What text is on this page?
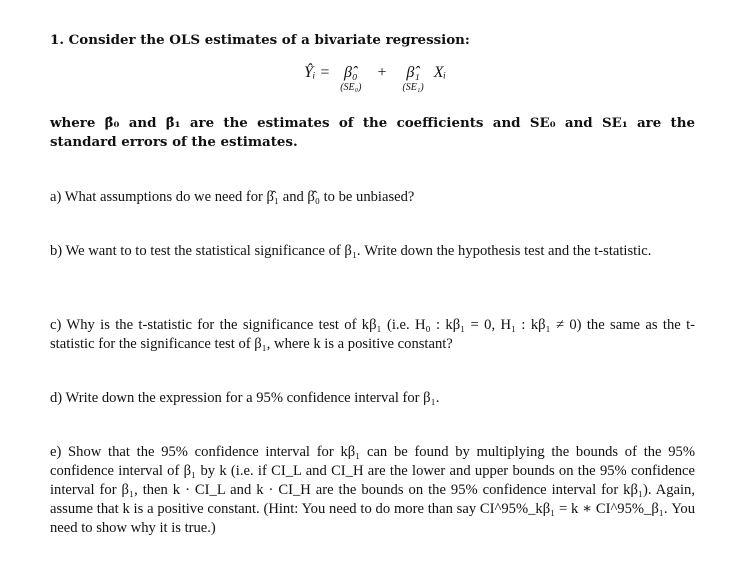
1. Consider the OLS estimates of a bivariate regression:
Ŷᵢ = β̂₀
(SE₀)
+ β̂₁
(SE₁)
Xᵢ
where β̂₀ and β̂₁ are the estimates of the coefficients and SE₀ and SE₁ are the standard errors of the estimates.
a) What assumptions do we need for β̂₁ and β̂₀ to be unbiased?
b) We want to to test the statistical significance of β₁. Write down the hypothesis test and the t-statistic.
c) Why is the t-statistic for the significance test of kβ₁ (i.e. H₀ : kβ₁ = 0, H₁ : kβ₁ ≠ 0) the same as the t-statistic for the significance test of β₁, where k is a positive constant?
d) Write down the expression for a 95% confidence interval for β₁.
e) Show that the 95% confidence interval for kβ₁ can be found by multiplying the bounds of the 95% confidence interval of β₁ by k (i.e. if CI_L and CI_H are the lower and upper bounds on the 95% confidence interval for β₁, then k · CI_L and k · CI_H are the bounds on the 95% confidence interval for kβ₁). Again, assume that k is a positive constant. (Hint: You need to do more than say CI^95%_kβ₁ = k ∗ CI^95%_β₁. You need to show why it is true.)
